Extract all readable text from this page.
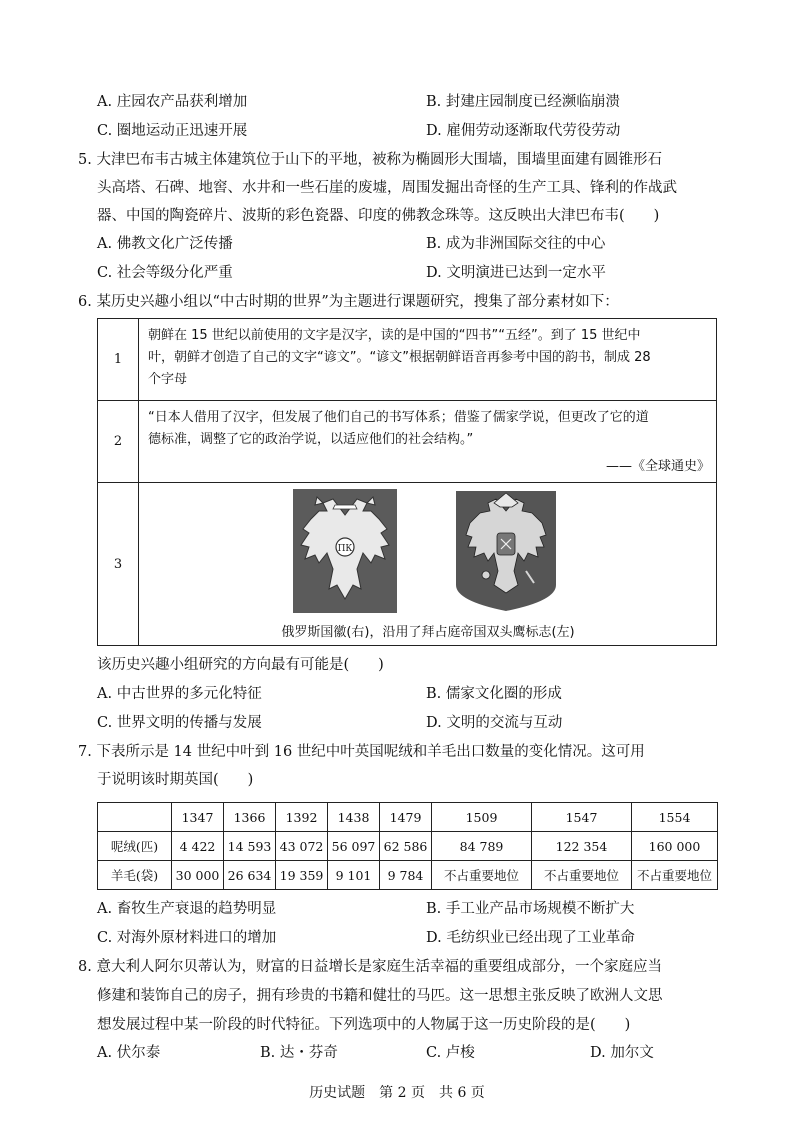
A. 庄园农产品获利增加	B. 封建庄园制度已经濒临崩溃
C. 圈地运动正迅速开展	D. 雇佣劳动逐渐取代劳役劳动
5. 大津巴布韦古城主体建筑位于山下的平地，被称为椭圆形大围墙，围墙里面建有圆锥形石
头高塔、石碑、地窖、水井和一些石崖的废墟，周围发掘出奇怪的生产工具、锋利的作战武
器、中国的陶瓷碎片、波斯的彩色瓷器、印度的佛教念珠等。这反映出大津巴布韦(　　)
A. 佛教文化广泛传播	B. 成为非洲国际交往的中心
C. 社会等级分化严重	D. 文明演进已达到一定水平
6. 某历史兴趣小组以“中古时期的世界”为主题进行课题研究，搜集了部分素材如下：
1
朝鲜在 15 世纪以前使用的文字是汉字，读的是中国的“四书”“五经”。到了 15 世纪中
叶，朝鲜才创造了自己的文字“谚文”。“谚文”根据朝鲜语音再参考中国的韵书，制成 28
个字母
2
“日本人借用了汉字，但发展了他们自己的书写体系；借鉴了儒家学说，但更改了它的道
德标准，调整了它的政治学说，以适应他们的社会结构。”
——《全球通史》
3
ПК
俄罗斯国徽(右)，沿用了拜占庭帝国双头鹰标志(左)
该历史兴趣小组研究的方向最有可能是(　　)
A. 中古世界的多元化特征	B. 儒家文化圈的形成
C. 世界文明的传播与发展	D. 文明的交流与互动
7. 下表所示是 14 世纪中叶到 16 世纪中叶英国呢绒和羊毛出口数量的变化情况。这可用
于说明该时期英国(　　)
	1347	1366	1392	1438	1479	1509	1547	1554
呢绒(匹)	4 422	14 593	43 072	56 097	62 586	84 789	122 354	160 000
羊毛(袋)	30 000	26 634	19 359	9 101	9 784	不占重要地位	不占重要地位	不占重要地位
A. 畜牧生产衰退的趋势明显	B. 手工业产品市场规模不断扩大
C. 对海外原材料进口的增加	D. 毛纺织业已经出现了工业革命
8. 意大利人阿尔贝蒂认为，财富的日益增长是家庭生活幸福的重要组成部分，一个家庭应当
修建和装饰自己的房子，拥有珍贵的书籍和健壮的马匹。这一思想主张反映了欧洲人文思
想发展过程中某一阶段的时代特征。下列选项中的人物属于这一历史阶段的是(　　)
A. 伏尔泰	B. 达・芬奇	C. 卢梭	D. 加尔文
历史试题　第 2 页　共 6 页
